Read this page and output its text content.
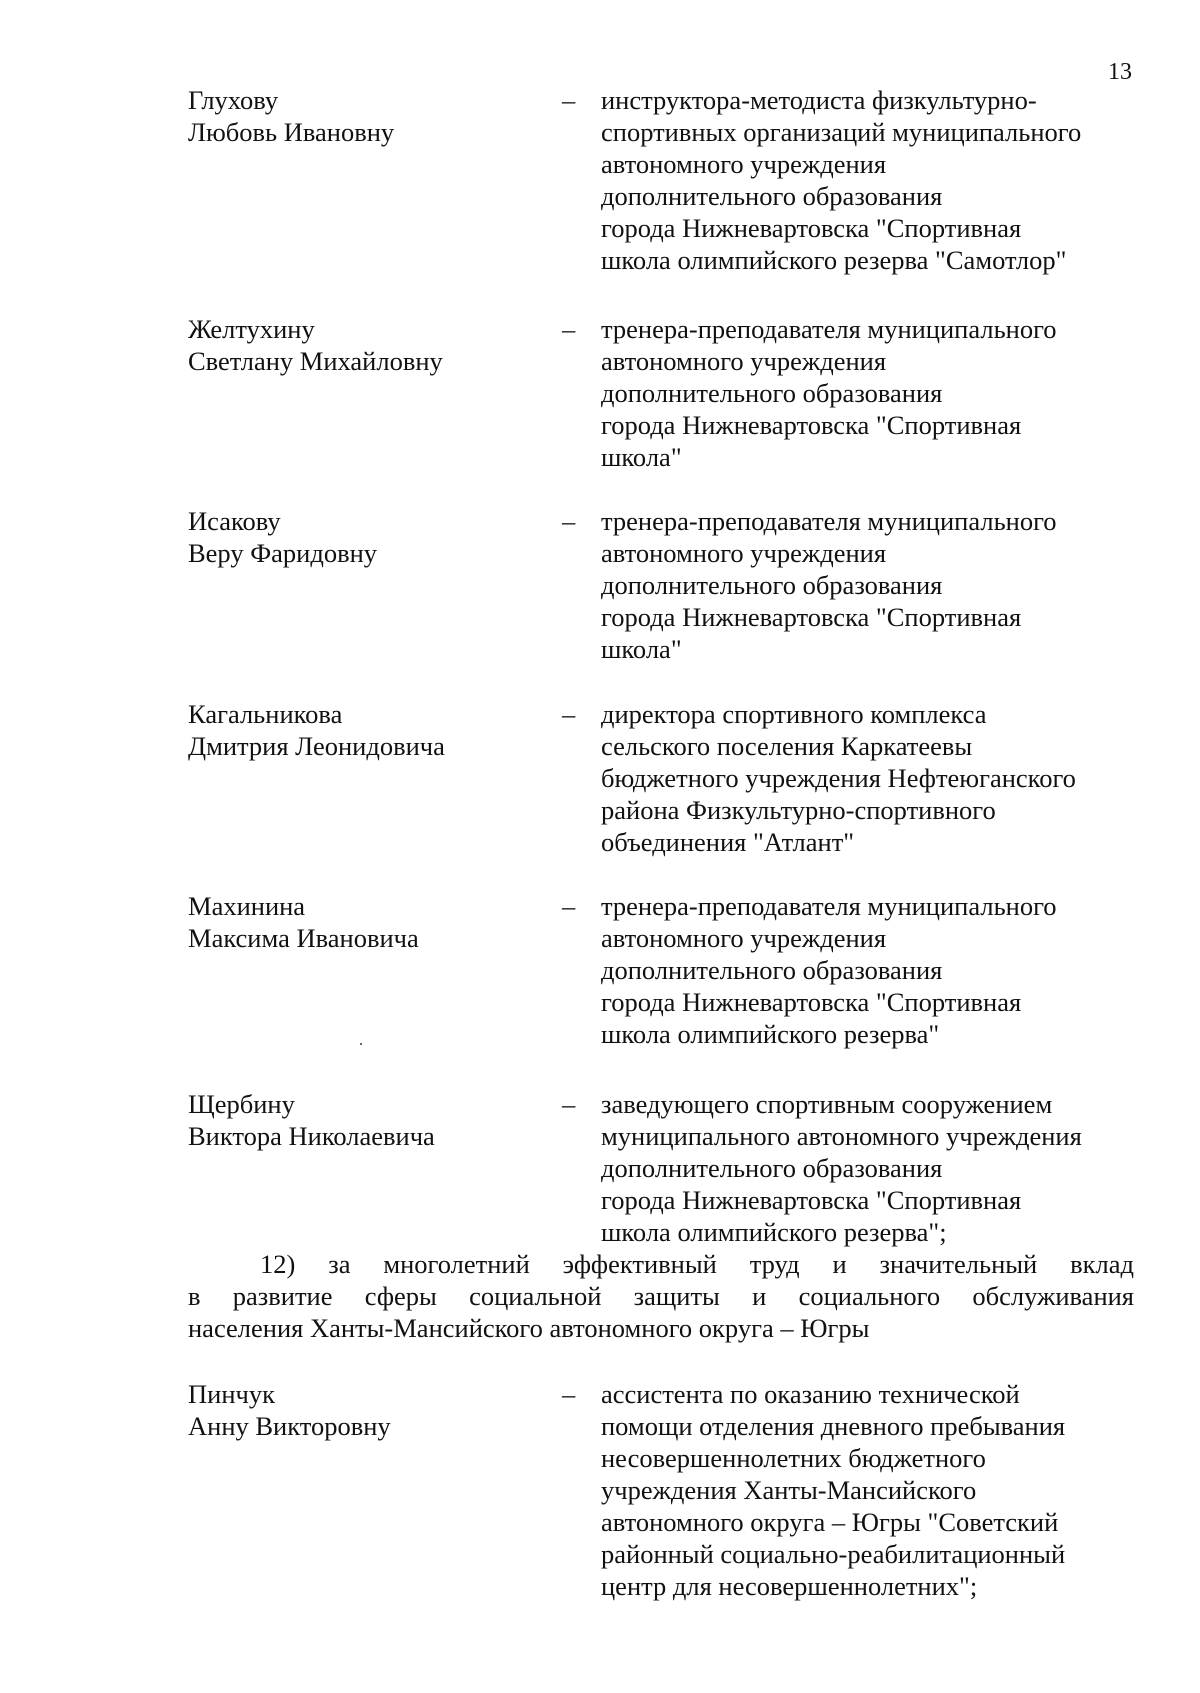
13
Глухову
Любовь Ивановну
– инструктора-методиста физкультурно-
спортивных организаций муниципального
автономного учреждения
дополнительного образования
города Нижневартовска "Спортивная
школа олимпийского резерва "Самотлор"
Желтухину
Светлану Михайловну
– тренера-преподавателя муниципального
автономного учреждения
дополнительного образования
города Нижневартовска "Спортивная
школа"
Исакову
Веру Фаридовну
– тренера-преподавателя муниципального
автономного учреждения
дополнительного образования
города Нижневартовска "Спортивная
школа"
Кагальникова
Дмитрия Леонидовича
– директора спортивного комплекса
сельского поселения Каркатеевы
бюджетного учреждения Нефтеюганского
района Физкультурно-спортивного
объединения "Атлант"
Махинина
Максима Ивановича
– тренера-преподавателя муниципального
автономного учреждения
дополнительного образования
города Нижневартовска "Спортивная
школа олимпийского резерва"
Щербину
Виктора Николаевича
– заведующего спортивным сооружением
муниципального автономного учреждения
дополнительного образования
города Нижневартовска "Спортивная
школа олимпийского резерва";
12) за многолетний эффективный труд и значительный вклад
в развитие сферы социальной защиты и социального обслуживания
населения Ханты-Мансийского автономного округа – Югры
Пинчук
Анну Викторовну
– ассистента по оказанию технической
помощи отделения дневного пребывания
несовершеннолетних бюджетного
учреждения Ханты-Мансийского
автономного округа – Югры "Советский
районный социально-реабилитационный
центр для несовершеннолетних";
